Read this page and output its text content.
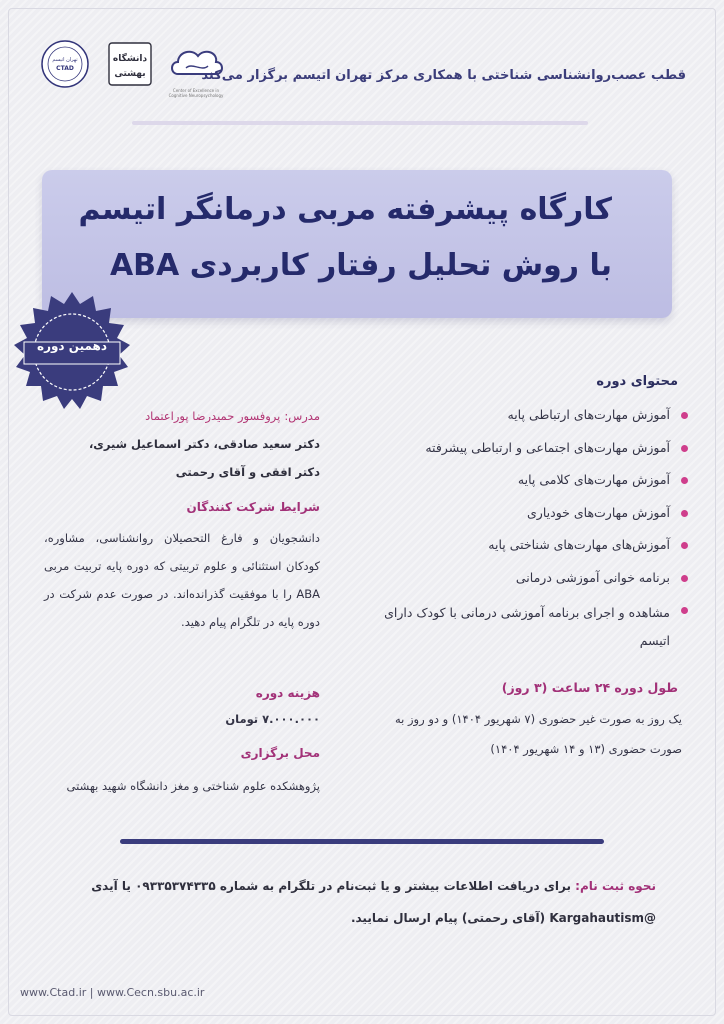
تهران اتیسم
CTAD
دانشگاه
بهشتی
Center of Excellence in Cognitive Neuropsychology
قطب عصب‌روانشناسی شناختی با همکاری مرکز تهران اتیسم برگزار می‌کند
کارگاه پیشرفته مربی درمانگر اتیسم
با روش تحلیل رفتار کاربردی ABA
دهمین دوره
محتوای دوره
آموزش مهارت‌های ارتباطی پایه
آموزش مهارت‌های اجتماعی و ارتباطی پیشرفته
آموزش مهارت‌های کلامی پایه
آموزش مهارت‌های خودیاری
آموزش‌های مهارت‌های شناختی پایه
برنامه خوانی آموزشی درمانی
مشاهده و اجرای برنامه آموزشی درمانی با کودک دارای اتیسم
طول دوره ۲۴ ساعت (۳ روز)
یک روز به صورت غیر حضوری (۷ شهریور ۱۴۰۴) و دو روز به صورت حضوری (۱۳ و ۱۴ شهریور ۱۴۰۴)
مدرس: پروفسور حمیدرضا پوراعتماد
دکتر سعید صادقی، دکتر اسماعیل شیری،
دکتر افقی و آقای رحمتی
شرایط شرکت کنندگان
دانشجویان و فارغ التحصیلان روانشناسی، مشاوره، کودکان استثنائی و علوم تربیتی که دوره پایه تربیت مربی ABA را با موفقیت گذرانده‌اند. در صورت عدم شرکت در دوره پایه در تلگرام پیام دهید.
هزینه دوره
۷.۰۰۰.۰۰۰ تومان
محل برگزاری
پژوهشکده علوم شناختی و مغز دانشگاه شهید بهشتی
نحوه ثبت نام: برای دریافت اطلاعات بیشتر و یا ثبت‌نام در تلگرام به شماره ۰۹۳۳۵۳۷۴۳۳۵ یا آیدی @Kargahautism (آقای رحمتی) پیام ارسال نمایید.
www.Ctad.ir | www.Cecn.sbu.ac.ir
